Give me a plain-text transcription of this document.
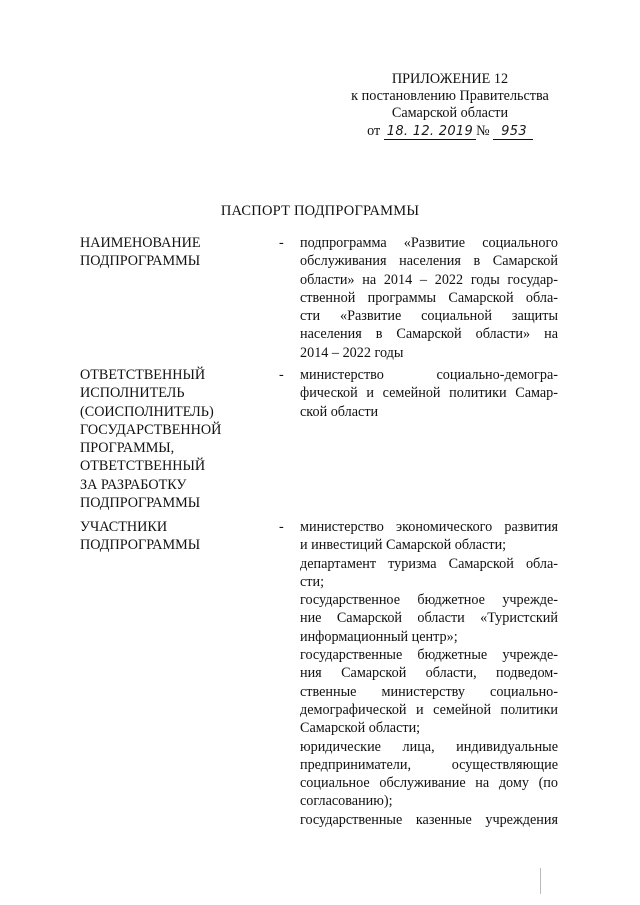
ПРИЛОЖЕНИЕ 12
к постановлению Правительства
Самарской области
от 18. 12. 2019 № 953
ПАСПОРТ ПОДПРОГРАММЫ
НАИМЕНОВАНИЕ
ПОДПРОГРАММЫ
-	подпрограмма «Развитие социального
обслуживания населения в Самарской
области» на 2014 – 2022 годы государ-
ственной программы Самарской обла-
сти «Развитие социальной защиты
населения в Самарской области» на
2014 – 2022 годы
ОТВЕТСТВЕННЫЙ
ИСПОЛНИТЕЛЬ
(СОИСПОЛНИТЕЛЬ)
ГОСУДАРСТВЕННОЙ
ПРОГРАММЫ,
ОТВЕТСТВЕННЫЙ
ЗА РАЗРАБОТКУ
ПОДПРОГРАММЫ
-	министерство социально-демогра-
фической и семейной политики Самар-
ской области
УЧАСТНИКИ
ПОДПРОГРАММЫ
-	министерство экономического развития
и инвестиций Самарской области;
департамент туризма Самарской обла-
сти;
государственное бюджетное учрежде-
ние Самарской области «Туристский
информационный центр»;
государственные бюджетные учрежде-
ния Самарской области, подведом-
ственные министерству социально-
демографической и семейной политики
Самарской области;
юридические лица, индивидуальные
предприниматели, осуществляющие
социальное обслуживание на дому (по
согласованию);
государственные казенные учреждения
